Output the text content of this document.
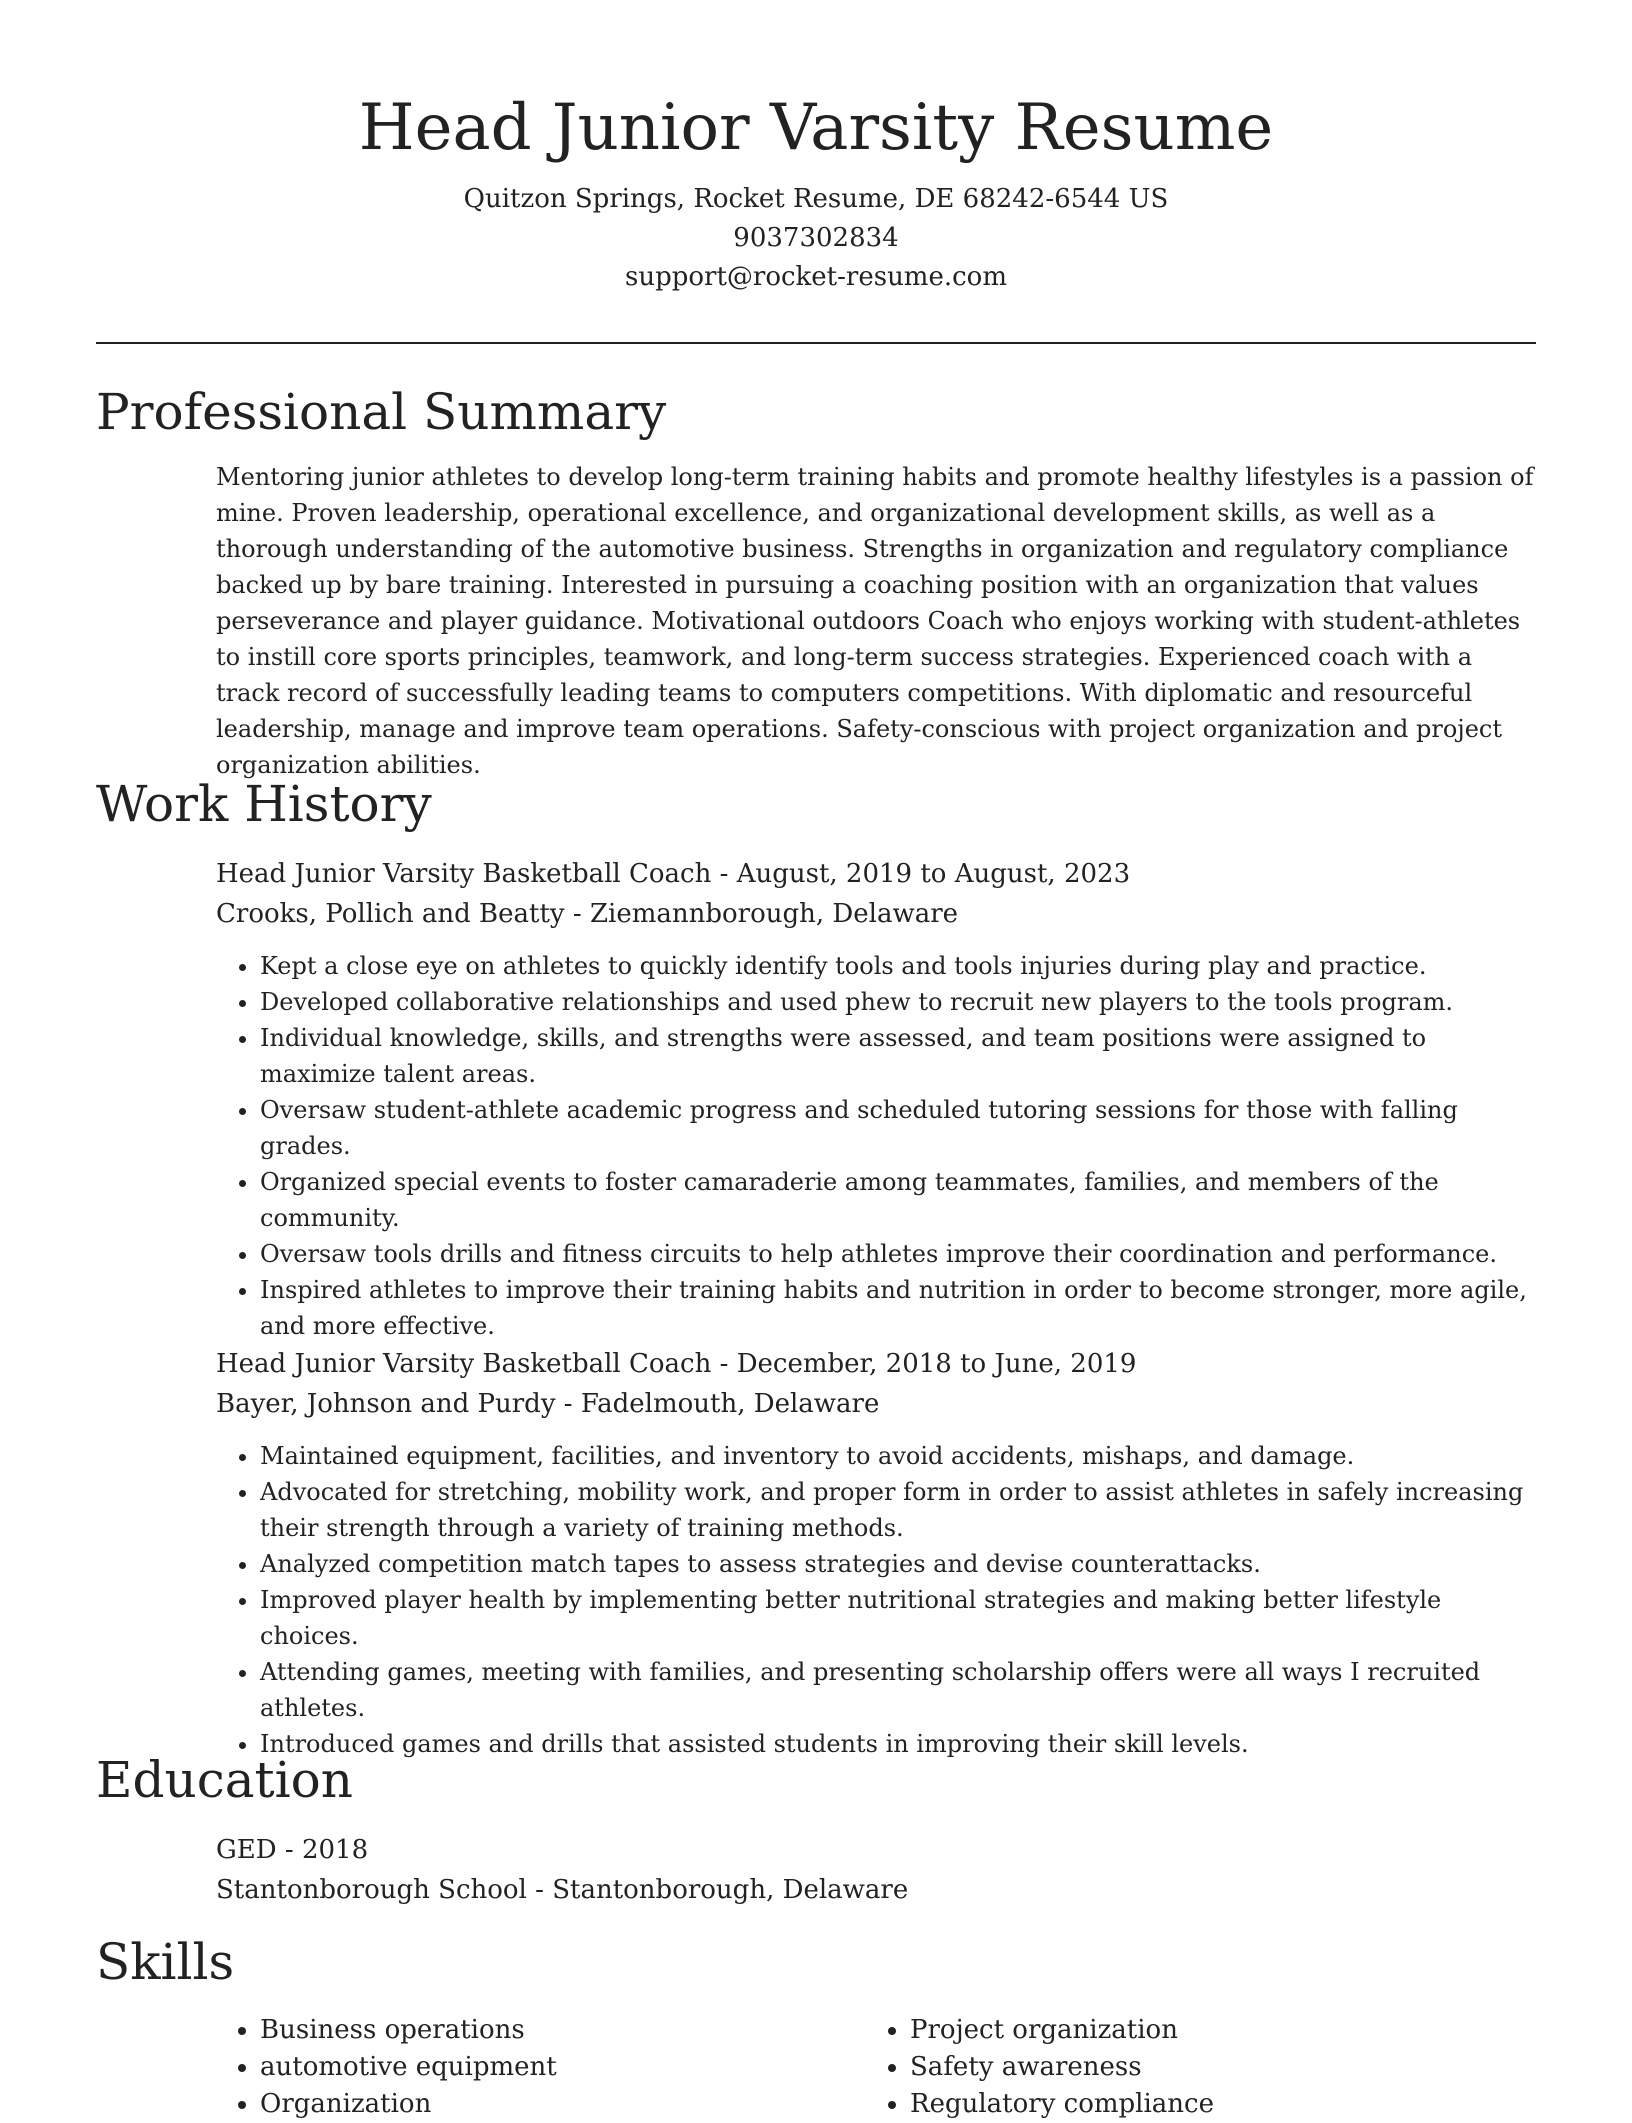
Head Junior Varsity Resume
Quitzon Springs, Rocket Resume, DE 68242-6544 US
9037302834
support@rocket-resume.com
Professional Summary

Mentoring junior athletes to develop long-term training habits and promote healthy lifestyles is a passion of mine. Proven leadership, operational excellence, and organizational development skills, as well as a thorough understanding of the automotive business. Strengths in organization and regulatory compliance backed up by bare training. Interested in pursuing a coaching position with an organization that values perseverance and player guidance. Motivational outdoors Coach who enjoys working with student-athletes to instill core sports principles, teamwork, and long-term success strategies. Experienced coach with a track record of successfully leading teams to computers competitions. With diplomatic and resourceful leadership, manage and improve team operations. Safety-conscious with project organization and project organization abilities.

Work History

Head Junior Varsity Basketball Coach - August, 2019 to August, 2023

Crooks, Pollich and Beatty - Ziemannborough, Delaware

• Kept a close eye on athletes to quickly identify tools and tools injuries during play and practice.
• Developed collaborative relationships and used phew to recruit new players to the tools program.
• Individual knowledge, skills, and strengths were assessed, and team positions were assigned to maximize talent areas.
• Oversaw student-athlete academic progress and scheduled tutoring sessions for those with falling grades.
• Organized special events to foster camaraderie among teammates, families, and members of the community.
• Oversaw tools drills and fitness circuits to help athletes improve their coordination and performance.
• Inspired athletes to improve their training habits and nutrition in order to become stronger, more agile, and more effective.

Head Junior Varsity Basketball Coach - December, 2018 to June, 2019

Bayer, Johnson and Purdy - Fadelmouth, Delaware

• Maintained equipment, facilities, and inventory to avoid accidents, mishaps, and damage.
• Advocated for stretching, mobility work, and proper form in order to assist athletes in safely increasing their strength through a variety of training methods.
• Analyzed competition match tapes to assess strategies and devise counterattacks.
• Improved player health by implementing better nutritional strategies and making better lifestyle choices.
• Attending games, meeting with families, and presenting scholarship offers were all ways I recruited athletes.
• Introduced games and drills that assisted students in improving their skill levels.
Education

GED - 2018

Stantonborough School - Stantonborough, Delaware

Skills
• Business operations
• automotive equipment
• Organization
• Project organization
• Safety awareness
• Regulatory compliance
